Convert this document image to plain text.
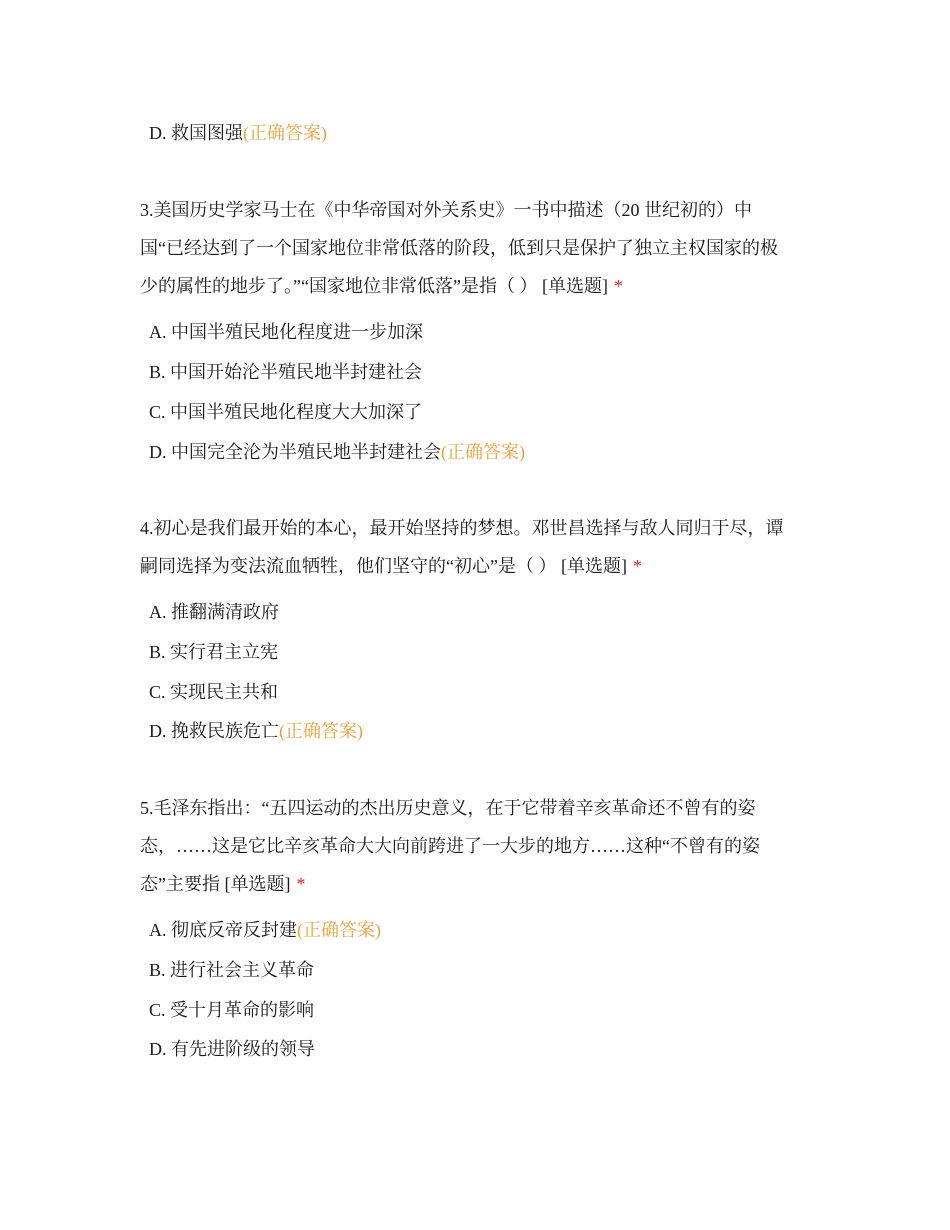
D. 救国图强(正确答案)
3.美国历史学家马士在《中华帝国对外关系史》一书中描述（20 世纪初的）中
国“已经达到了一个国家地位非常低落的阶段，低到只是保护了独立主权国家的极
少的属性的地步了。”“国家地位非常低落”是指（ ） [单选题] *
A. 中国半殖民地化程度进一步加深
B. 中国开始沦半殖民地半封建社会
C. 中国半殖民地化程度大大加深了
D. 中国完全沦为半殖民地半封建社会(正确答案)
4.初心是我们最开始的本心，最开始坚持的梦想。邓世昌选择与敌人同归于尽，谭
嗣同选择为变法流血牺牲，他们坚守的“初心”是（ ） [单选题] *
A. 推翻满清政府
B. 实行君主立宪
C. 实现民主共和
D. 挽救民族危亡(正确答案)
5.毛泽东指出：“五四运动的杰出历史意义，在于它带着辛亥革命还不曾有的姿
态，……这是它比辛亥革命大大向前跨进了一大步的地方……这种“不曾有的姿
态”主要指 [单选题] *
A. 彻底反帝反封建(正确答案)
B. 进行社会主义革命
C. 受十月革命的影响
D. 有先进阶级的领导
